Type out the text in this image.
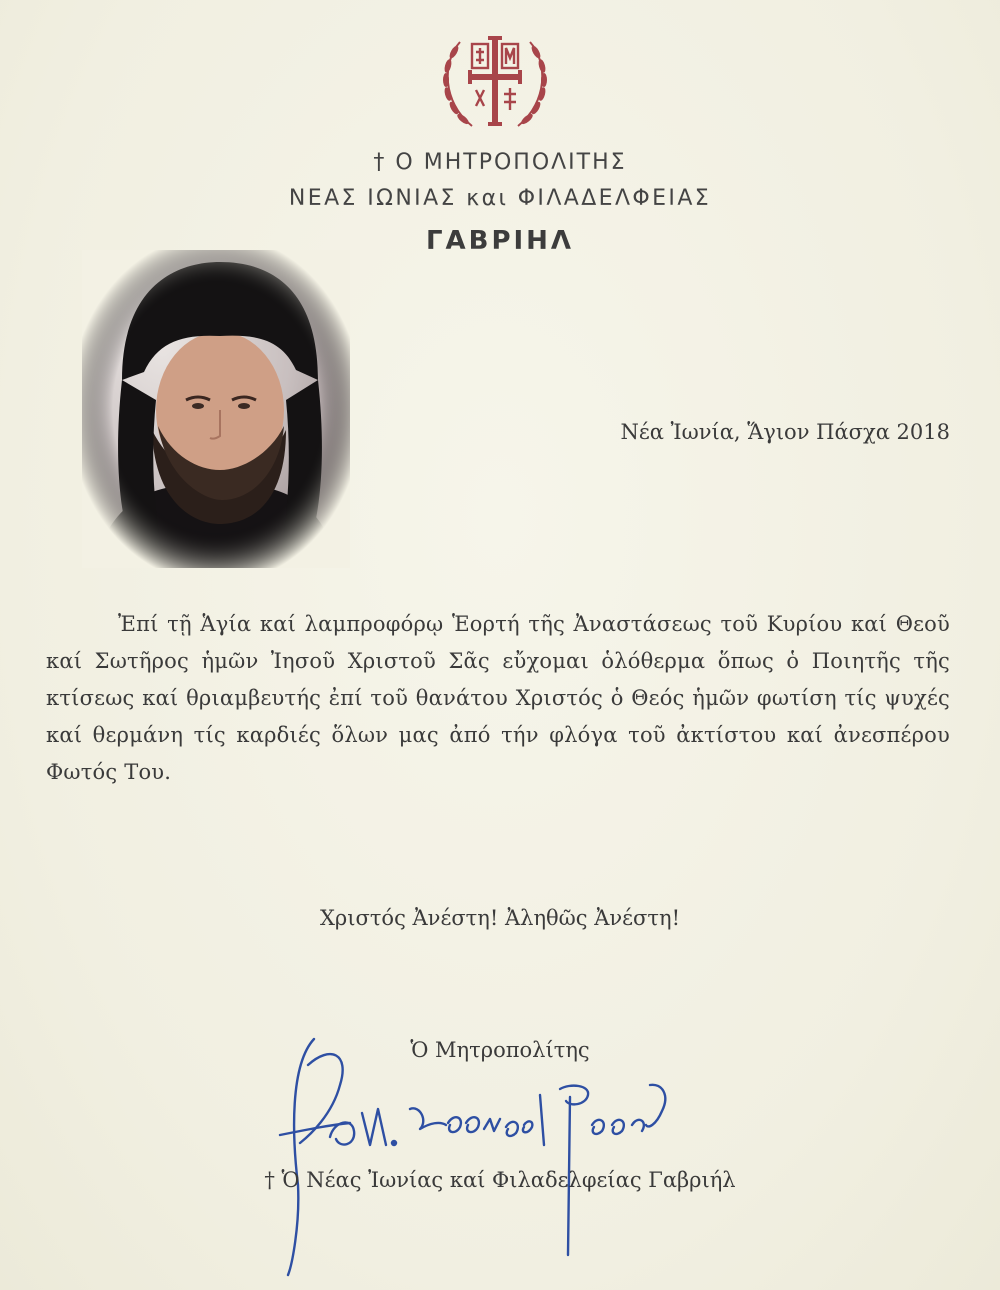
† Ο ΜΗΤΡΟΠΟΛΙΤΗΣ
ΝΕΑΣ ΙΩΝΙΑΣ και ΦΙΛΑΔΕΛΦΕΙΑΣ
ΓΑΒΡΙΗΛ
Νέα Ἰωνία, Ἅγιον Πάσχα 2018
Ἐπί τῇ Ἁγία καί λαμπροφόρῳ Ἑορτή τῆς Ἀναστάσεως τοῦ Κυρίου καί Θεοῦ καί Σωτῆρος ἡμῶν Ἰησοῦ Χριστοῦ Σᾶς εὔχομαι ὁλόθερμα ὅπως ὁ Ποιητῆς τῆς κτίσεως καί θριαμβευτής ἐπί τοῦ θανάτου Χριστός ὁ Θεός ἡμῶν φωτίση τίς ψυχές καί θερμάνη τίς καρδιές ὅλων μας ἀπό τήν φλόγα τοῦ ἀκτίστου καί ἀνεσπέρου Φωτός Του.
Χριστός Ἀνέστη! Ἀληθῶς Ἀνέστη!
Ὁ Μητροπολίτης
† Ὁ Νέας Ἰωνίας καί Φιλαδελφείας Γαβριήλ
